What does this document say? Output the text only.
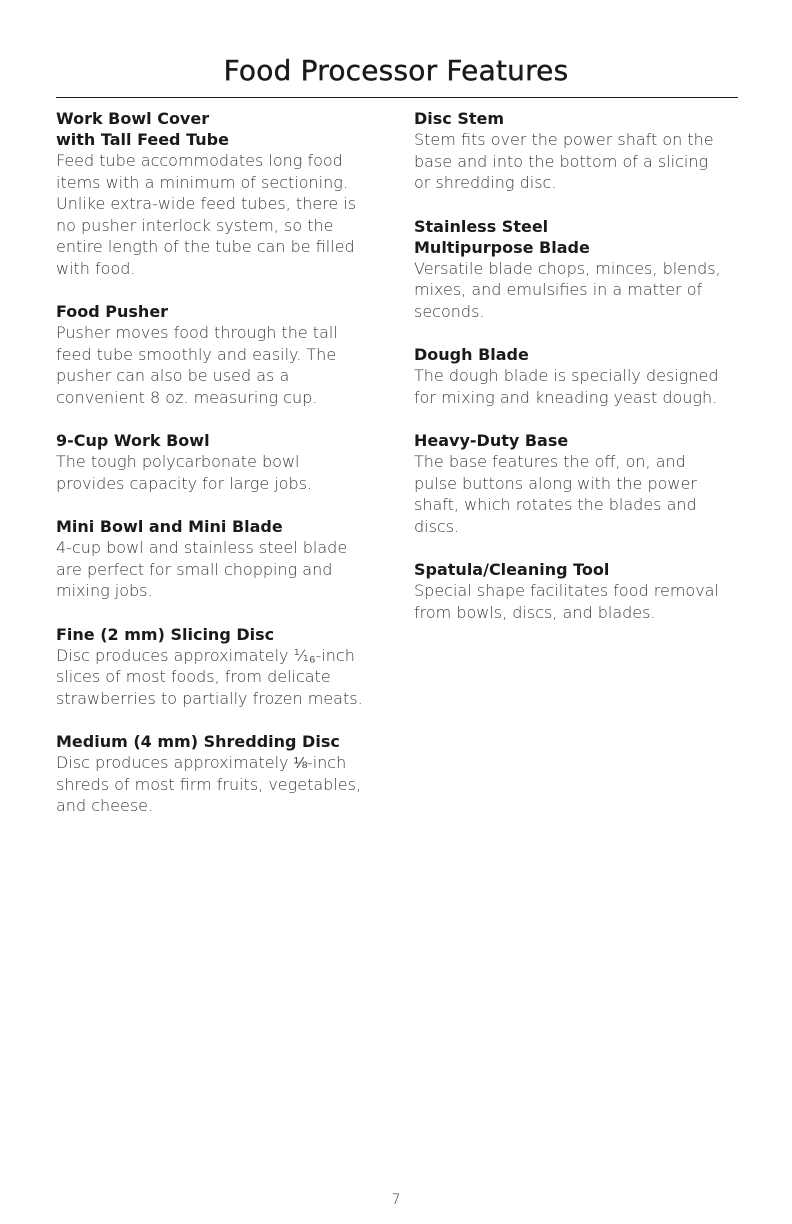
Food Processor Features
Work Bowl Cover
with Tall Feed Tube

Feed tube accommodates long food
items with a minimum of sectioning.
Unlike extra-wide feed tubes, there is
no pusher interlock system, so the
entire length of the tube can be filled
with food.

Food Pusher

Pusher moves food through the tall
feed tube smoothly and easily. The
pusher can also be used as a
convenient 8 oz. measuring cup.

9-Cup Work Bowl

The tough polycarbonate bowl
provides capacity for large jobs.

Mini Bowl and Mini Blade

4-cup bowl and stainless steel blade
are perfect for small chopping and
mixing jobs.

Fine (2 mm) Slicing Disc

Disc produces approximately ¹⁄₁₆-inch
slices of most foods, from delicate
strawberries to partially frozen meats.

Medium (4 mm) Shredding Disc

Disc produces approximately ⅛-inch
shreds of most firm fruits, vegetables,
and cheese.

Disc Stem

Stem fits over the power shaft on the
base and into the bottom of a slicing
or shredding disc.

Stainless Steel
Multipurpose Blade

Versatile blade chops, minces, blends,
mixes, and emulsifies in a matter of
seconds.

Dough Blade

The dough blade is specially designed
for mixing and kneading yeast dough.

Heavy-Duty Base

The base features the off, on, and
pulse buttons along with the power
shaft, which rotates the blades and
discs.

Spatula/Cleaning Tool

Special shape facilitates food removal
from bowls, discs, and blades.

7
